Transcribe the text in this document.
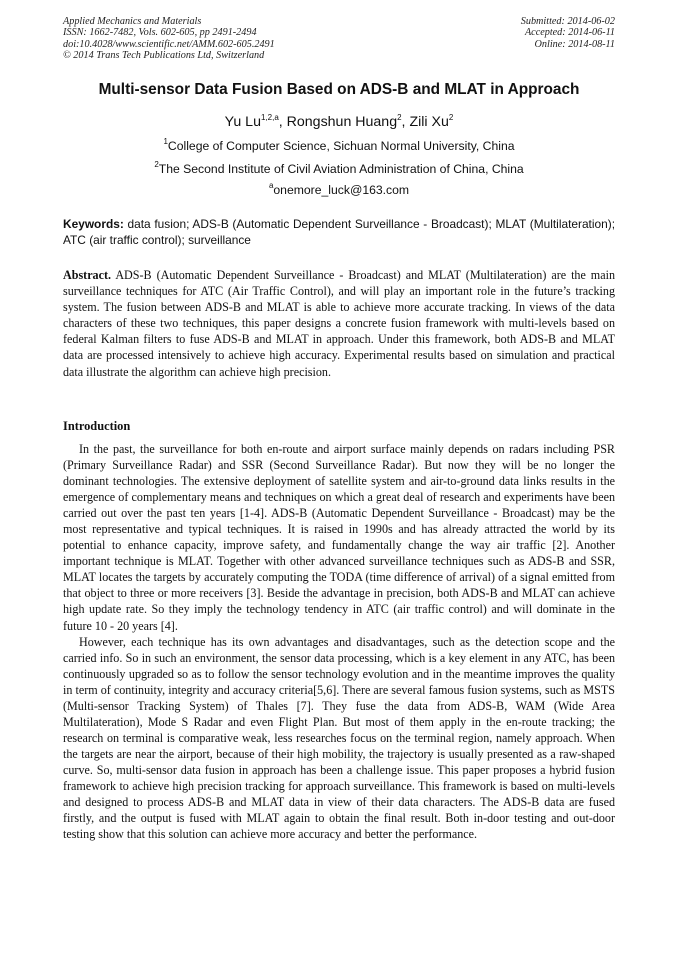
Applied Mechanics and Materials
ISSN: 1662-7482, Vols. 602-605, pp 2491-2494
doi:10.4028/www.scientific.net/AMM.602-605.2491
© 2014 Trans Tech Publications Ltd, Switzerland
Submitted: 2014-06-02
Accepted: 2014-06-11
Online: 2014-08-11
Multi-sensor Data Fusion Based on ADS-B and MLAT in Approach
Yu Lu$^{1,2,a}$, Rongshun Huang$^2$, Zili Xu$^2$
$^1$College of Computer Science, Sichuan Normal University, China
$^2$The Second Institute of Civil Aviation Administration of China, China
$^a$onemore_luck@163.com
Keywords: data fusion; ADS-B (Automatic Dependent Surveillance - Broadcast); MLAT (Multilateration); ATC (air traffic control); surveillance
Abstract. ADS-B (Automatic Dependent Surveillance - Broadcast) and MLAT (Multilateration) are the main surveillance techniques for ATC (Air Traffic Control), and will play an important role in the future’s tracking system. The fusion between ADS-B and MLAT is able to achieve more accurate tracking. In views of the data characters of these two techniques, this paper designs a concrete fusion framework with multi-levels based on federal Kalman filters to fuse ADS-B and MLAT in approach. Under this framework, both ADS-B and MLAT data are processed intensively to achieve high accuracy. Experimental results based on simulation and practical data illustrate the algorithm can achieve high precision.
Introduction

In the past, the surveillance for both en-route and airport surface mainly depends on radars including PSR (Primary Surveillance Radar) and SSR (Second Surveillance Radar). But now they will be no longer the dominant technologies. The extensive deployment of satellite system and air-to-ground data links results in the emergence of complementary means and techniques on which a great deal of research and experiments have been carried out over the past ten years [1-4]. ADS-B (Automatic Dependent Surveillance - Broadcast) may be the most representative and typical techniques. It is raised in 1990s and has already attracted the world by its potential to enhance capacity, improve safety, and fundamentally change the way air traffic [2]. Another important technique is MLAT. Together with other advanced surveillance techniques such as ADS-B and SSR, MLAT locates the targets by accurately computing the TODA (time difference of arrival) of a signal emitted from that object to three or more receivers [3]. Beside the advantage in precision, both ADS-B and MLAT can achieve high update rate. So they imply the technology tendency in ATC (air traffic control) and will dominate in the future 10 - 20 years [4].

However, each technique has its own advantages and disadvantages, such as the detection scope and the carried info. So in such an environment, the sensor data processing, which is a key element in any ATC, has been continuously upgraded so as to follow the sensor technology evolution and in the meantime improves the quality in term of continuity, integrity and accuracy criteria[5,6]. There are several famous fusion systems, such as MSTS (Multi-sensor Tracking System) of Thales [7]. They fuse the data from ADS-B, WAM (Wide Area Multilateration), Mode S Radar and even Flight Plan. But most of them apply in the en-route tracking; the research on terminal is comparative weak, less researches focus on the terminal region, namely approach. When the targets are near the airport, because of their high mobility, the trajectory is usually presented as a raw-shaped curve. So, multi-sensor data fusion in approach has been a challenge issue. This paper proposes a hybrid fusion framework to achieve high precision tracking for approach surveillance. This framework is based on multi-levels and designed to process ADS-B and MLAT data in view of their data characters. The ADS-B data are fused firstly, and the output is fused with MLAT again to obtain the final result. Both in-door testing and out-door testing show that this solution can achieve more accuracy and better the performance.
